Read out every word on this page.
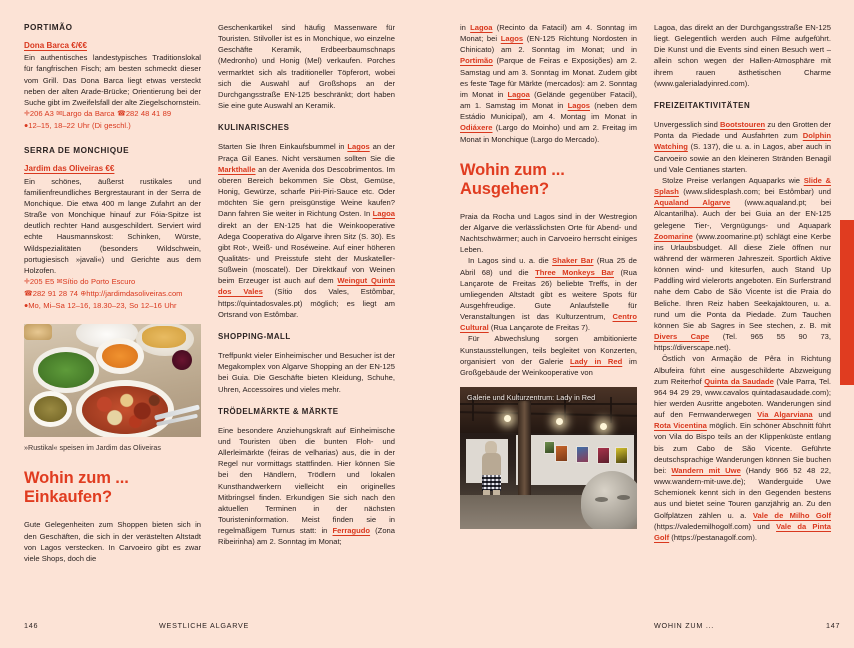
PORTIMÃO
Dona Barca €/€€

Ein authentisches landestypisches Traditionslokal für fangfrischen Fisch; am besten schmeckt dieser vom Grill. Das Dona Barca liegt etwas versteckt neben der alten Arade-Brücke; Orientierung bei der Suche gibt im Zweifelsfall der alte Ziegelschornstein.

✛206 A3 ✉Largo da Barca ☎282 48 41 89
●12–15, 18–22 Uhr (Di geschl.)
SERRA DE MONCHIQUE
Jardim das Oliveiras €€

Ein schönes, äußerst rustikales und familienfreundliches Bergrestaurant in der Serra de Monchique. Die etwa 400 m lange Zufahrt an der Straße von Monchique hinauf zur Fóia-Spitze ist deutlich rechter Hand ausgeschildert. Serviert wird echte Hausmannskost: Schinken, Würste, Wildspezialitäten (besonders Wildschwein, portugiesisch »javali«) und Gerichte aus dem Holzofen.

✛205 E5 ✉Sítio do Porto Escuro
☎282 91 28 74 ⊕http://jardimdasoliveiras.com
●Mo, Mi–Sa 12–16, 18.30–23, So 12–16 Uhr
»Rustikal« speisen im Jardim das Oliveiras
Wohin zum ...
Einkaufen?

Gute Gelegenheiten zum Shoppen bieten sich in den Geschäften, die sich in der verästelten Altstadt von Lagos verstecken. In Carvoeiro gibt es zwar viele Shops, doch die

Geschenkartikel sind häufig Massenware für Touristen. Stilvoller ist es in Monchique, wo einzelne Geschäfte Keramik, Erdbeerbaumschnaps (Medronho) und Honig (Mel) verkaufen. Porches vermarktet sich als traditioneller Töpferort, wobei sich die Auswahl auf Großshops an der Durchgangsstraße EN-125 beschränkt; dort haben Sie eine gute Auswahl an Keramik.

KULINARISCHES

Starten Sie Ihren Einkaufsbummel in Lagos an der Praça Gil Eanes. Nicht versäumen sollten Sie die Markthalle an der Avenida dos Descobrimentos. Im oberen Bereich bekommen Sie Obst, Gemüse, Honig, Gewürze, scharfe Piri-Piri-Sauce etc. Oder möchten Sie gern preisgünstige Weine kaufen? Dann fahren Sie weiter in Richtung Osten. In Lagoa direkt an der EN-125 hat die Weinkooperative Adega Cooperativa do Algarve ihren Sitz (S. 30). Es gibt Rot-, Weiß- und Roséweine. Auf einer höheren Qualitäts- und Preisstufe steht der Muskateller-Süßwein (moscatel). Der Direktkauf von Weinen beim Erzeuger ist auch auf dem Weingut Quinta dos Vales (Sítio dos Vales, Estômbar, https://quintadosvales.pt) möglich; es liegt am Ortsrand von Estômbar.

SHOPPING-MALL

Treffpunkt vieler Einheimischer und Besucher ist der Megakomplex von Algarve Shopping an der EN-125 bei Guia. Die Geschäfte bieten Kleidung, Schuhe, Uhren, Accessoires und vieles mehr.

TRÖDELMÄRKTE & MÄRKTE

Eine besondere Anziehungskraft auf Einheimische und Touristen üben die bunten Floh- und Allerleimärkte (feiras de velharias) aus, die in der Regel nur vormittags stattfinden. Hier können Sie bei den Händlern, Trödlern und lokalen Kunsthandwerkern vielleicht ein originelles Mitbringsel finden. Erkundigen Sie sich nach den aktuellen Terminen in der nächsten Touristeninformation. Meist finden sie in regelmäßigem Turnus statt: in Ferragudo (Zona Ribeirinha) am 2. Sonntag im Monat;

in Lagoa (Recinto da Fatacil) am 4. Sonntag im Monat; bei Lagos (EN-125 Richtung Nordosten in Chinicato) am 2. Sonntag im Monat; und in Portimão (Parque de Feiras e Exposições) am 2. Samstag und am 3. Sonntag im Monat. Zudem gibt es feste Tage für Märkte (mercados): am 2. Sonntag im Monat in Lagoa (Gelände gegenüber Fatacil), am 1. Samstag im Monat in Lagos (neben dem Estádio Municipal), am 4. Montag im Monat in Odiáxere (Largo do Moinho) und am 2. Freitag im Monat in Monchique (Largo do Mercado).

Wohin zum ...
Ausgehen?

Praia da Rocha und Lagos sind in der Westregion der Algarve die verlässlichsten Orte für Abend- und Nachtschwärmer; auch in Carvoeiro herrscht einiges Leben.

In Lagos sind u. a. die Shaker Bar (Rua 25 de Abril 68) und die Three Monkeys Bar (Rua Lançarote de Freitas 26) beliebte Treffs, in der umliegenden Altstadt gibt es weitere Spots für Ausgehfreudige. Gute Anlaufstelle für Veranstaltungen ist das Kulturzentrum, Centro Cultural (Rua Lançarote de Freitas 7).

Für Abwechslung sorgen ambitionierte Kunstausstellungen, teils begleitet von Konzerten, organisiert von der Galerie Lady in Red im Großgebäude der Weinkooperative von

Galerie und Kulturzentrum: Lady in Red

Lagoa, das direkt an der Durchgangsstraße EN-125 liegt. Gelegentlich werden auch Filme aufgeführt. Die Kunst und die Events sind einen Besuch wert – allein schon wegen der Hallen-Atmosphäre mit ihrem rauen ästhetischen Charme (www.galerialadyinred.com).

FREIZEITAKTIVITÄTEN

Unvergesslich sind Bootstouren zu den Grotten der Ponta da Piedade und Ausfahrten zum Dolphin Watching (S. 137), die u. a. in Lagos, aber auch in Carvoeiro sowie an den kleineren Stränden Benagil und Vale Centianes starten.

Stolze Preise verlangen Aquaparks wie Slide & Splash (www.slidesplash.com; bei Estômbar) und Aqualand Algarve (www.aqualand.pt; bei Alcantarilha). Auch der bei Guia an der EN-125 gelegene Tier-, Vergnügungs- und Aquapark Zoomarine (www.zoomarine.pt) schlägt eine Kerbe ins Urlaubsbudget. All diese Ziele öffnen nur während der wärmeren Jahreszeit. Sportlich Aktive können wind- und kitesurfen, auch Stand Up Paddling wird vielerorts angeboten. Ein Surferstrand nahe dem Cabo de São Vicente ist die Praia do Beliche. Ihren Reiz haben Seekajaktouren, u. a. rund um die Ponta da Piedade. Zum Tauchen können Sie ab Sagres in See stechen, z. B. mit Divers Cape (Tel. 965 55 90 73, https://diverscape.net).

Östlich von Armação de Pêra in Richtung Albufeira führt eine ausgeschilderte Abzweigung zum Reiterhof Quinta da Saudade (Vale Parra, Tel. 964 94 29 29, www.cavalos quintadasaudade.com); hier werden Ausritte angeboten. Wanderungen sind auf den Fernwanderwegen Via Algarviana und Rota Vicentina möglich. Ein schöner Abschnitt führt von Vila do Bispo teils an der Klippenküste entlang bis zum Cabo de São Vicente. Geführte deutschsprachige Wanderungen können Sie buchen bei: Wandern mit Uwe (Handy 966 52 48 22, www.wandern-mit-uwe.de); Wanderguide Uwe Schemionek kennt sich in den Gegenden bestens aus und bietet seine Touren ganzjährig an. Zu den Golfplätzen zählen u. a. Vale de Milho Golf (https://valedemilhogolf.com) und Vale da Pinta Golf (https://pestanagolf.com).

146	WESTLICHE ALGARVE	WOHIN ZUM ...	147
